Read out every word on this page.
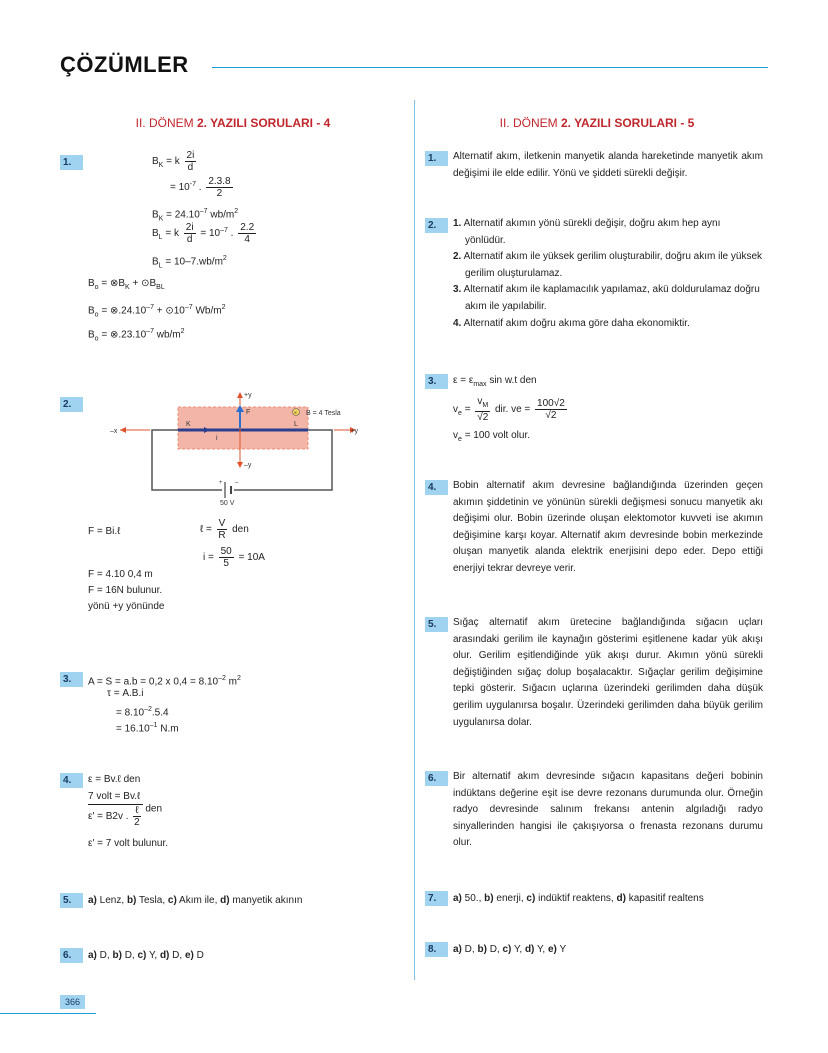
ÇÖZÜMLER
II. DÖNEM 2. YAZILI SORULARI - 4
1.	$B_K = k \frac{2i}{d}$
= $10^{-7}$ . $\frac{2.3.8}{2}$
$B_K = 24.10^{-7}$ $wb/m^2$
$B_L = k \frac{2i}{d} = 10^{-7}$ . $\frac{2.2}{4}$
$B_L = 10-7.wb/m^2$
$B_o$ = $\otimes B_K$ + $⊙B_{BL}$
$B_o$ = $\otimes.24.10^{-7}$ + $⊙10^{-7}$ $Wb/m^2$
$B_o$ = $\otimes.23.10^{-7}$ $wb/m^2$
2.
×
+y
–y
–x	+y
K	L
F
i
B = 4 Tesla
+ –
50 V
F = Bi.ℓ	ℓ = $\frac{V}{R}$ den
$i = \frac{50}{5} = 10A$
F = 4.10 0,4 m
F = 16N bulunur.
yönü +y yönünde
3.	A = S = a.b = 0,2 x $0,4 = 8.10^{-2}$ $m^2$
τ = A.B.i
= $8.10^{-2}.5.4$
= $16.10^{-1}$ N.m
4.	ε = Bv.ℓ den
7 volt = Bv.ℓ
ε' = B2v . $\frac{\text{ℓ}}{2}$ den
ε' = 7 volt bulunur.
5.	a) Lenz, b) Tesla, c) Akım ile, d) manyetik akının
6.	a) D, b) D, c) Y, d) D, e) D
II. DÖNEM 2. YAZILI SORULARI - 5
1.	Alternatif akım, iletkenin manyetik alanda hareketinde manyetik akım değişimi ile elde edilir. Yönü ve şiddeti sürekli değişir.
2.	1. Alternatif akımın yönü sürekli değişir, doğru akım hep aynı yönlüdür.
2. Alternatif akım ile yüksek gerilim oluşturabilir, doğru akım ile yüksek gerilim oluşturulamaz.
3. Alternatif akım ile kaplamacılık yapılamaz, akü doldurulamaz doğru akım ile yapılabilir.
4. Alternatif akım doğru akıma göre daha ekonomiktir.
3.	$\varepsilon = \varepsilon_{max}$ sin w.t den
$v_e = \frac{v_M}{√2}$ dir. ve = $\frac{100√2}{√2}$
$v_e = 100$ volt olur.
4.	Bobin alternatif akım devresine bağlandığında üzerinden geçen akımın şiddetinin ve yönünün sürekli değişmesi sonucu manyetik akı değişimi olur. Bobin üzerinde oluşan elektomotor kuvveti ise akımın değişimine karşı koyar. Alternatif akım devresinde bobin merkezinde oluşan manyetik alanda elektrik enerjisini depo eder. Depo ettiği enerjiyi tekrar devreye verir.
5.	Sığaç alternatif akım üretecine bağlandığında sığacın uçları arasındaki gerilim ile kaynağın gösterimi eşitlenene kadar yük akışı olur. Gerilim eşitlendiğinde yük akışı durur. Akımın yönü sürekli değiştiğinden sığaç dolup boşalacaktır. Sığaçlar gerilim değişimine tepki gösterir. Sığacın uçlarına üzerindeki gerilimden daha düşük gerilim uygulanırsa boşalır. Üzerindeki gerilimden daha büyük gerilim uygulanırsa dolar.
6.	Bir alternatif akım devresinde sığacın kapasitans değeri bobinin indüktans değerine eşit ise devre rezonans durumunda olur. Örneğin radyo devresinde salınım frekansı antenin algıladığı radyo sinyallerinden hangisi ile çakışıyorsa o frenasta rezonans durumu olur.
7.	a) 50., b) enerji, c) indüktif reaktens, d) kapasitif realtens
8.	a) D, b) D, c) Y, d) Y, e) Y
366
